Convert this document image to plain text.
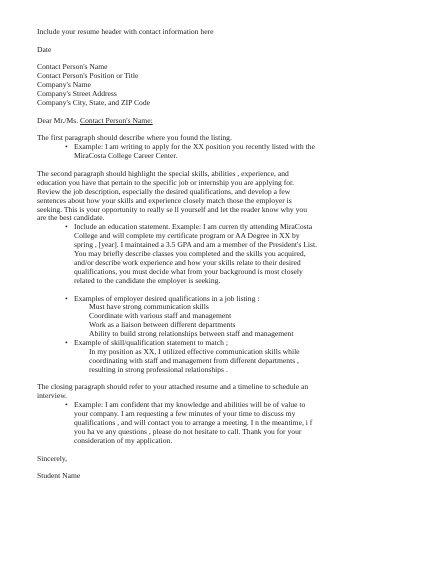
Include your resume header with contact information here

Date

Contact Person's Name

Contact Person's Position or Title

Company's Name

Company's Street Address

Company's City, State, and ZIP Code

Dear Mr./Ms. Contact Person's Name:

The first paragraph should describe where you found the listing.

• Example: I am writing to apply for the XX position you recently listed with the
MiraCosta College Career Center.

The second paragraph should highlight the special skills, abilities , experience, and

education you have that pertain to the specific job or internship you are applying for.

Review the job description, especially the desired qualifications, and develop a few

sentences about how your skills and experience closely match those the employer is

seeking. This is your opportunity to really se ll yourself and let the reader know why you

are the best candidate.

• Include an education statement. Example: I am curren tly attending MiraCosta
College and will complete my certificate program or AA Degree in XX by
spring , [year]. I maintained a 3.5 GPA and am a member of the President's List.
You may briefly describe classes you completed and the skills you acquired,
and/or describe work experience and how your skills relate to their desired
qualifications, you must decide what from your background is most closely
related to the candidate the employer is seeking.
• Examples of employer desired qualifications in a job listing :

Must have strong communication skills

Coordinate with various staff and management

Work as a liaison between different departments

Ability to build strong relationships between staff and management

• Example of skill/qualification statement to match ;

In my position as XX, I utilized effective communication skills while

coordinating with staff and management from different departments ,

resulting in strong professional relationships .

The closing paragraph should refer to your attached resume and a timeline to schedule an

interview.

• Example: I am confident that my knowledge and abilities will be of value to
your company. I am requesting a few minutes of your time to discuss my
qualifications , and will contact you to arrange a meeting. I n the meantime, i f
you ha ve any questions , please do not hesitate to call. Thank you for your
consideration of my application.

Sincerely,

Student Name
